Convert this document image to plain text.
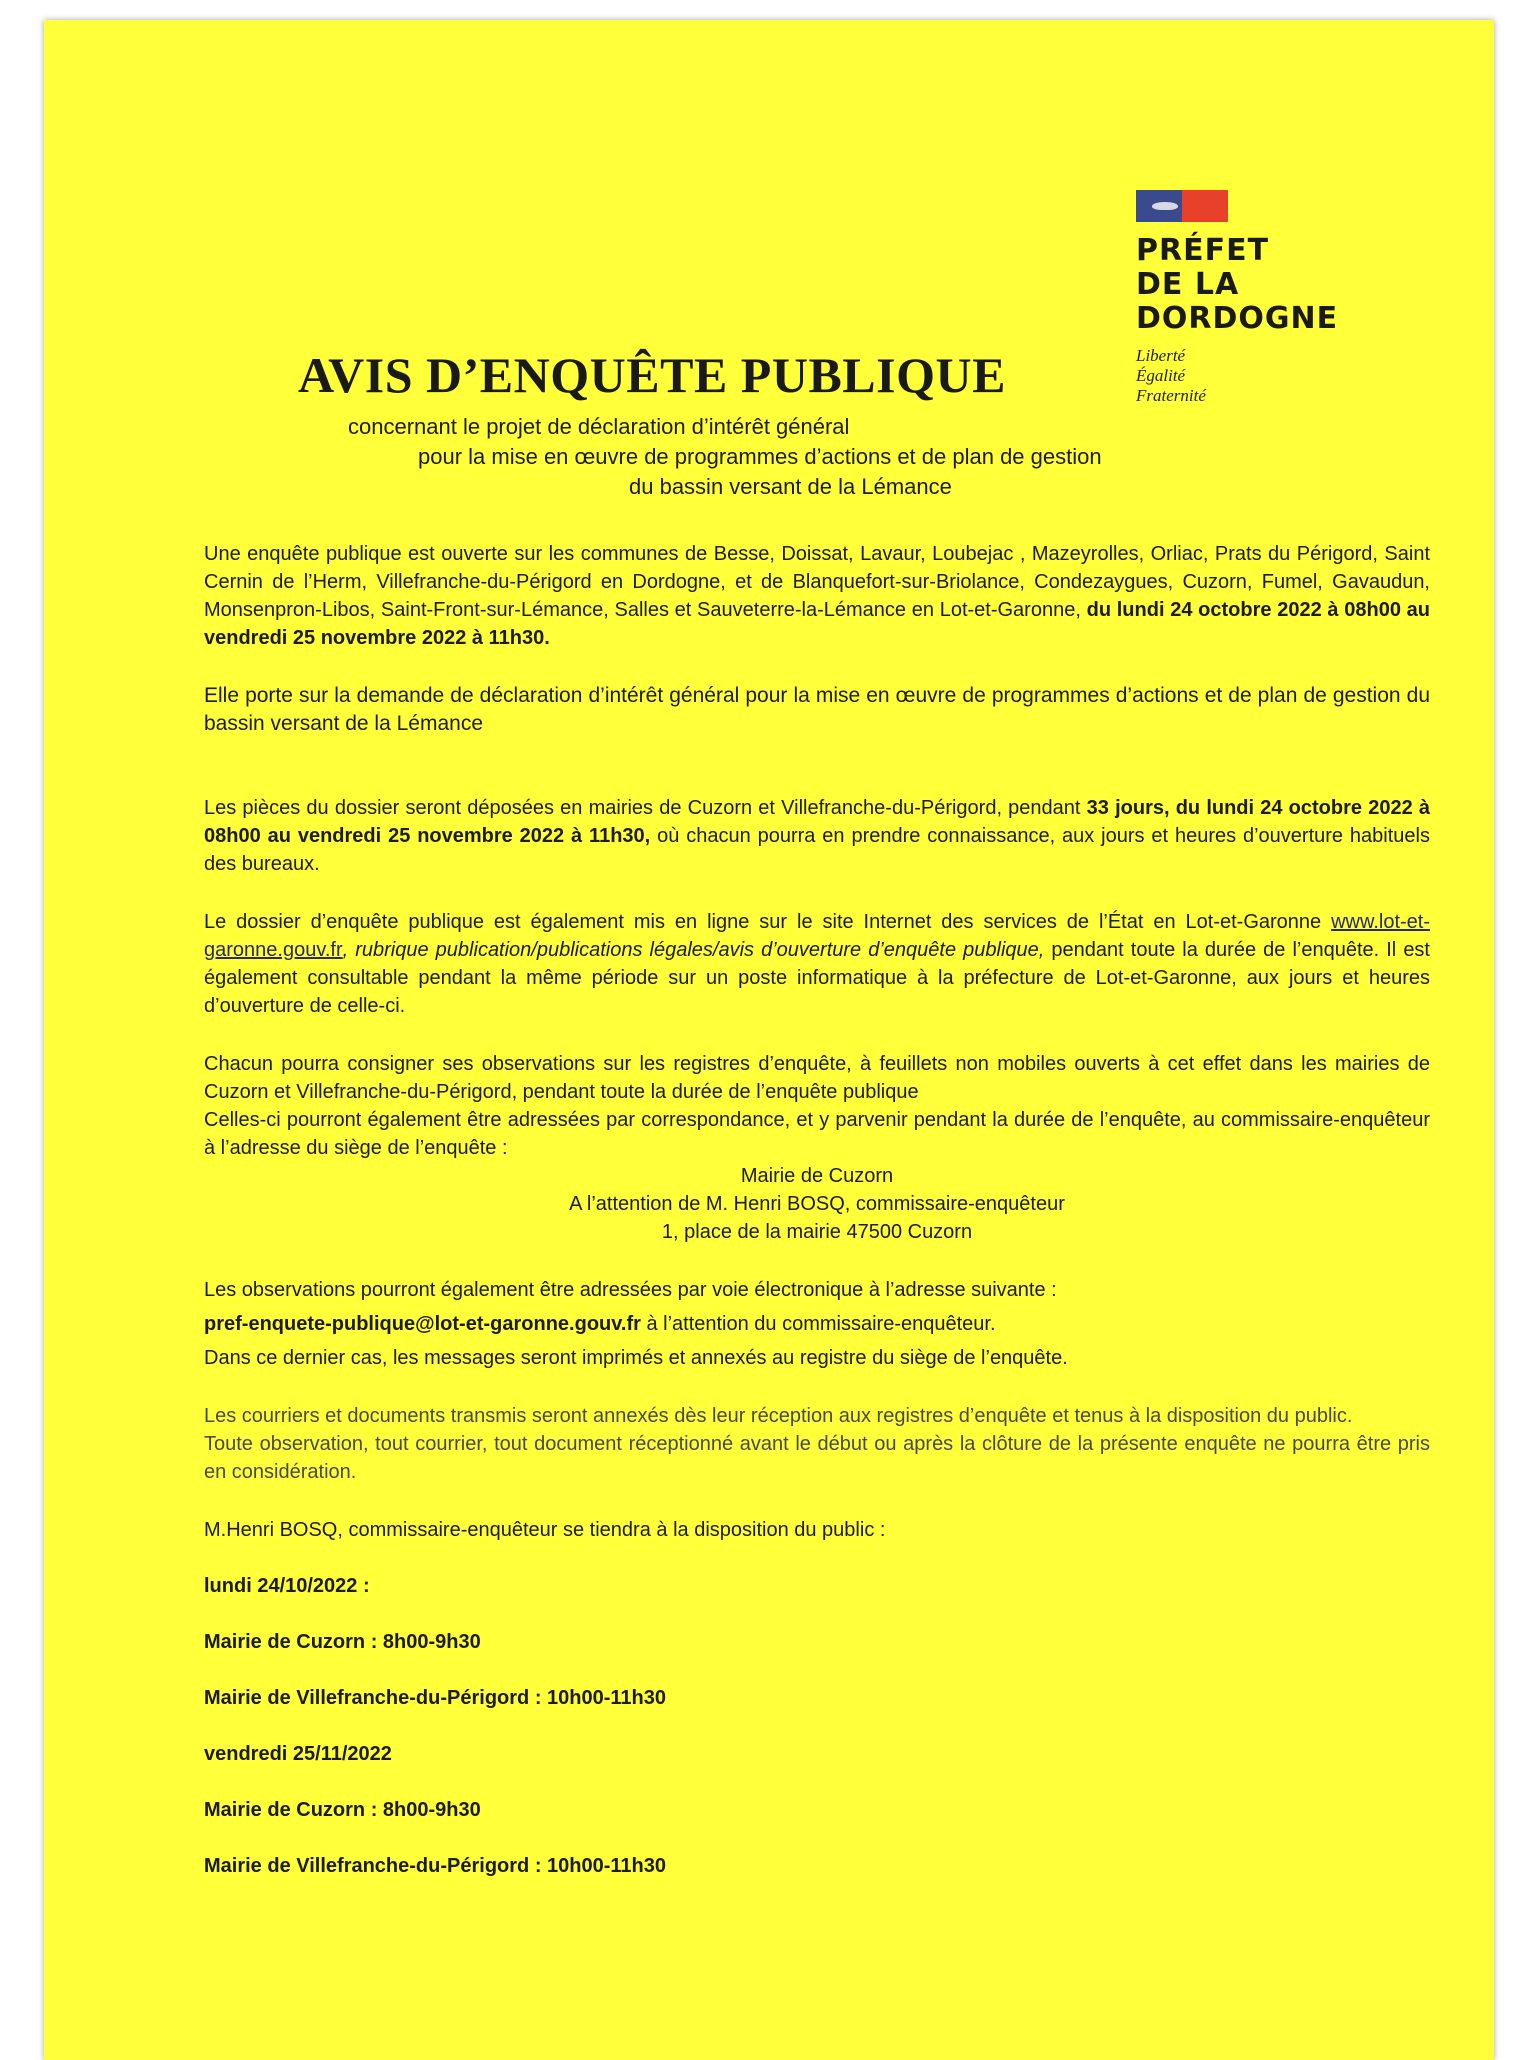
PRÉFET
DE LA
DORDOGNE
Liberté
Égalité
Fraternité
AVIS D’ENQUÊTE PUBLIQUE
concernant le projet de déclaration d’intérêt général
pour la mise en œuvre de programmes d’actions et de plan de gestion
du bassin versant de la Lémance

Une enquête publique est ouverte sur les communes de Besse, Doissat, Lavaur, Loubejac , Mazeyrolles, Orliac, Prats du Périgord, Saint Cernin de l’Herm, Villefranche-du-Périgord en Dordogne, et de Blanquefort-sur-Briolance, Condezaygues, Cuzorn, Fumel, Gavaudun, Monsenpron-Libos, Saint-Front-sur-Lémance, Salles et Sauveterre-la-Lémance en Lot-et-Garonne, du lundi 24 octobre 2022 à 08h00 au vendredi 25 novembre 2022 à 11h30.

Elle porte sur la demande de déclaration d’intérêt général pour la mise en œuvre de programmes d’actions et de plan de gestion du bassin versant de la Lémance

Les pièces du dossier seront déposées en mairies de Cuzorn et Villefranche-du-Périgord, pendant 33 jours, du lundi 24 octobre 2022 à 08h00 au vendredi 25 novembre 2022 à 11h30, où chacun pourra en prendre connaissance, aux jours et heures d’ouverture habituels des bureaux.

Le dossier d’enquête publique est également mis en ligne sur le site Internet des services de l’État en Lot-et-Garonne www.lot-et-garonne.gouv.fr, rubrique publication/publications légales/avis d’ouverture d’enquête publique, pendant toute la durée de l’enquête. Il est également consultable pendant la même période sur un poste informatique à la préfecture de Lot-et-Garonne, aux jours et heures d’ouverture de celle-ci.

Chacun pourra consigner ses observations sur les registres d’enquête, à feuillets non mobiles ouverts à cet effet dans les mairies de Cuzorn et Villefranche-du-Périgord, pendant toute la durée de l’enquête publique

Celles-ci pourront également être adressées par correspondance, et y parvenir pendant la durée de l’enquête, au commissaire-enquêteur à l’adresse du siège de l’enquête :

Mairie de Cuzorn

A l’attention de M. Henri BOSQ, commissaire-enquêteur

1, place de la mairie 47500 Cuzorn

Les observations pourront également être adressées par voie électronique à l’adresse suivante :

pref-enquete-publique@lot-et-garonne.gouv.fr à l’attention du commissaire-enquêteur.

Dans ce dernier cas, les messages seront imprimés et annexés au registre du siège de l’enquête.

Les courriers et documents transmis seront annexés dès leur réception aux registres d’enquête et tenus à la disposition du public.

Toute observation, tout courrier, tout document réceptionné avant le début ou après la clôture de la présente enquête ne pourra être pris en considération.

M.Henri BOSQ, commissaire-enquêteur se tiendra à la disposition du public :

lundi 24/10/2022 :

Mairie de Cuzorn : 8h00-9h30

Mairie de Villefranche-du-Périgord : 10h00-11h30

vendredi 25/11/2022

Mairie de Cuzorn : 8h00-9h30

Mairie de Villefranche-du-Périgord : 10h00-11h30
